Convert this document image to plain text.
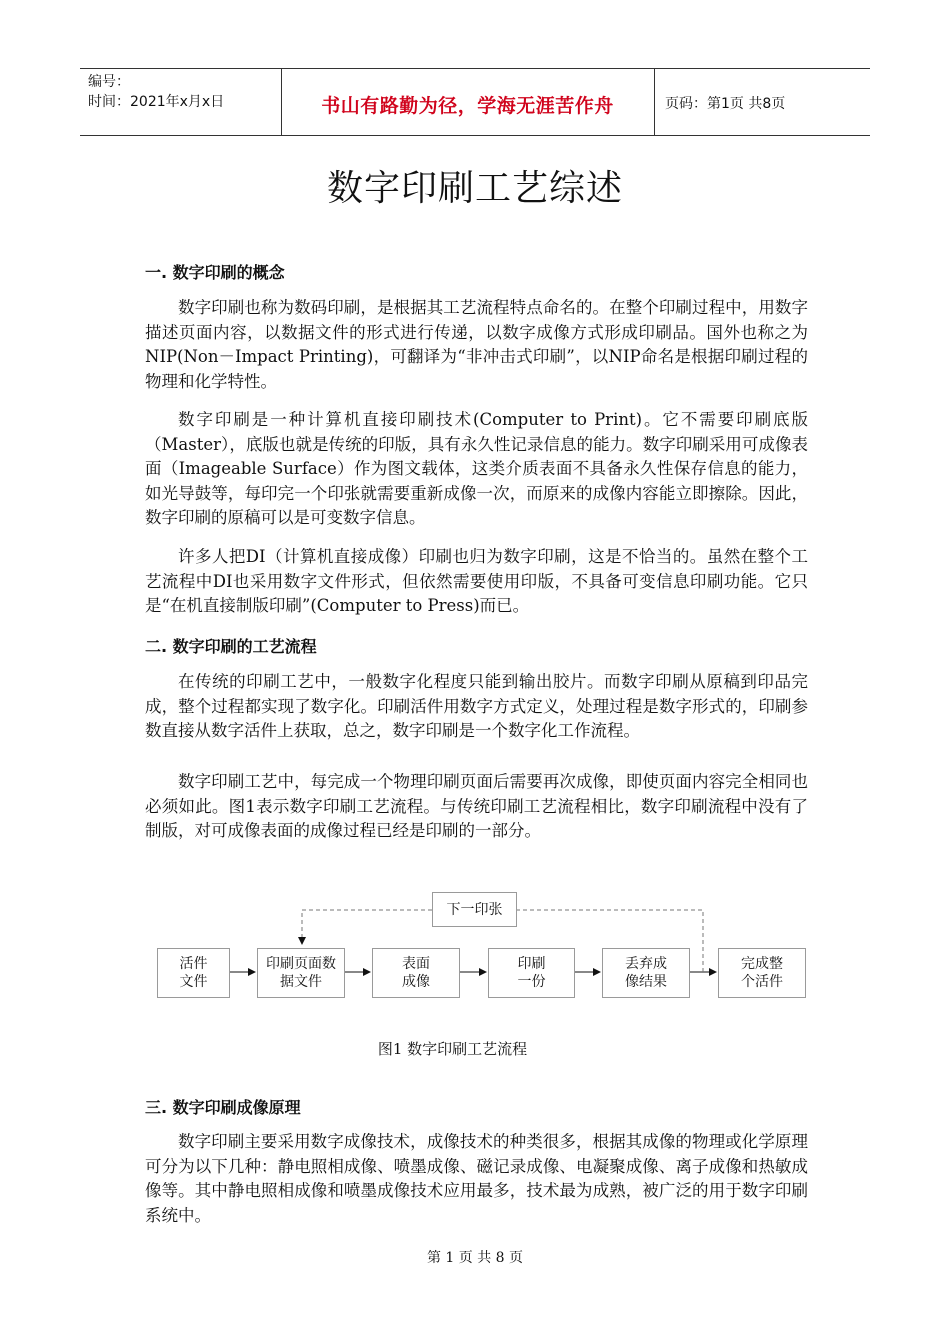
编号：
时间：2021年x月x日	书山有路勤为径，学海无涯苦作舟	页码：第1页 共8页
数字印刷工艺综述
一. 数字印刷的概念

数字印刷也称为数码印刷，是根据其工艺流程特点命名的。在整个印刷过程中，用数字描述页面内容，以数据文件的形式进行传递，以数字成像方式形成印刷品。国外也称之为NIP(Non－Impact Printing)，可翻译为“非冲击式印刷”，以NIP命名是根据印刷过程的物理和化学特性。

数字印刷是一种计算机直接印刷技术(Computer to Print)。它不需要印刷底版（Master），底版也就是传统的印版，具有永久性记录信息的能力。数字印刷采用可成像表面（Imageable Surface）作为图文载体，这类介质表面不具备永久性保存信息的能力，如光导鼓等，每印完一个印张就需要重新成像一次，而原来的成像内容能立即擦除。因此，数字印刷的原稿可以是可变数字信息。

许多人把DI（计算机直接成像）印刷也归为数字印刷，这是不恰当的。虽然在整个工艺流程中DI也采用数字文件形式，但依然需要使用印版，不具备可变信息印刷功能。它只是“在机直接制版印刷”(Computer to Press)而已。

二. 数字印刷的工艺流程

在传统的印刷工艺中，一般数字化程度只能到输出胶片。而数字印刷从原稿到印品完成，整个过程都实现了数字化。印刷活件用数字方式定义，处理过程是数字形式的，印刷参数直接从数字活件上获取，总之，数字印刷是一个数字化工作流程。

数字印刷工艺中，每完成一个物理印刷页面后需要再次成像，即使页面内容完全相同也必须如此。图1表示数字印刷工艺流程。与传统印刷工艺流程相比，数字印刷流程中没有了制版，对可成像表面的成像过程已经是印刷的一部分。

下一印张
活件
文件
印刷页面数
据文件
表面
成像
印刷
一份
丢弃成
像结果
完成整
个活件
图1 数字印刷工艺流程
三. 数字印刷成像原理

数字印刷主要采用数字成像技术，成像技术的种类很多，根据其成像的物理或化学原理可分为以下几种：静电照相成像、喷墨成像、磁记录成像、电凝聚成像、离子成像和热敏成像等。其中静电照相成像和喷墨成像技术应用最多，技术最为成熟，被广泛的用于数字印刷系统中。

第 1 页 共 8 页
